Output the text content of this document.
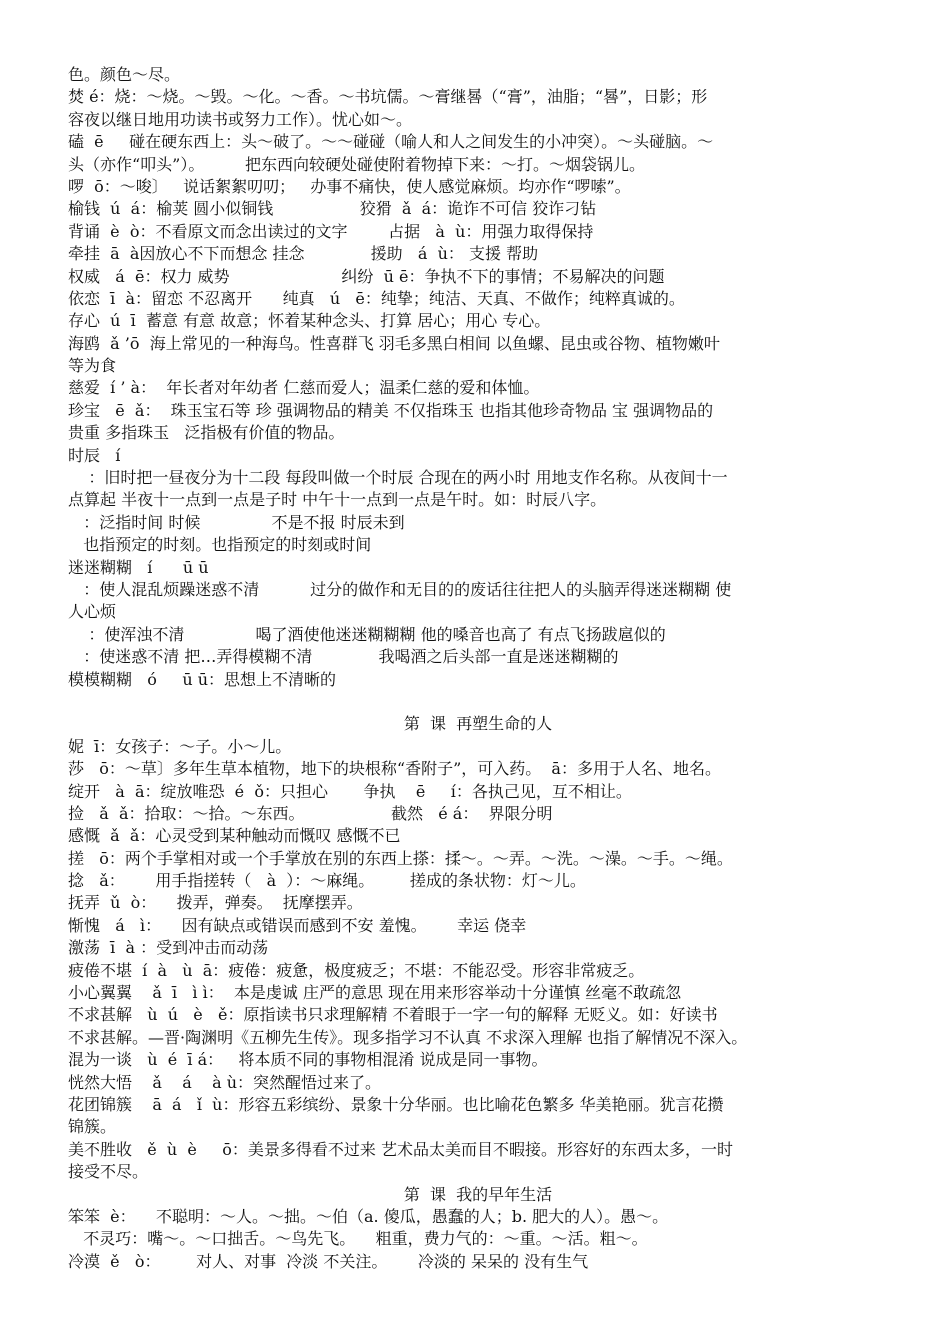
色。颜色～尽。
焚 é：烧：～烧。～毁。～化。～香。～书坑儒。～膏继晷（“膏”，油脂；“晷”，日影；形
容夜以继日地用功读书或努力工作）。忧心如～。
磕  ē     碰在硬东西上：头～破了。～～碰碰（喻人和人之间发生的小冲突）。～头碰脑。～
头（亦作“叩头”）。        把东西向较硬处碰使附着物掉下来：～打。～烟袋锅儿。
啰  ō：～唆〕   说话絮絮叨叨；   办事不痛快，使人感觉麻烦。均亦作“啰嗦”。
榆钱  ú  á：榆荚 圆小似铜钱                 狡猾  ǎ  á：诡诈不可信 狡诈刁钻
背诵  è  ò：不看原文而念出读过的文字        占据   à  ù：用强力取得保持
牵挂  ā  à因放心不下而想念 挂念             援助   á  ù： 支援 帮助
权威   á  ē：权力 威势                      纠纷  ū ē：争执不下的事情；不易解决的问题
依恋  ī  à：留恋 不忍离开      纯真   ú   ē：纯挚；纯洁、天真、不做作；纯粹真诚的。
存心  ú  ī  蓄意 有意 故意；怀着某种念头、打算 居心；用心 专心。
海鸥  ǎ ’ō  海上常见的一种海鸟。性喜群飞 羽毛多黑白相间 以鱼螺、昆虫或谷物、植物嫩叶
等为食
慈爱  í ’ à：  年长者对年幼者 仁慈而爱人；温柔仁慈的爱和体恤。
珍宝   ē  ǎ：  珠玉宝石等 珍 强调物品的精美 不仅指珠玉 也指其他珍奇物品 宝 强调物品的
贵重 多指珠玉   泛指极有价值的物品。
时辰   í
：旧时把一昼夜分为十二段 每段叫做一个时辰 合现在的两小时 用地支作名称。从夜间十一
点算起 半夜十一点到一点是子时 中午十一点到一点是午时。如：时辰八字。
：泛指时间 时候              不是不报 时辰未到
也指预定的时刻。也指预定的时刻或时间
迷迷糊糊   í      ū ū
：使人混乱烦躁迷惑不清          过分的做作和无目的的废话往往把人的头脑弄得迷迷糊糊 使
人心烦
：使浑浊不清              喝了酒使他迷迷糊糊糊 他的嗓音也高了 有点飞扬跋扈似的
：使迷惑不清 把…弄得模糊不清             我喝酒之后头部一直是迷迷糊糊的
模模糊糊   ó     ū ū：思想上不清晰的
第  课  再塑生命的人
妮  ī：女孩子：～子。小～儿。
莎   ō：～草〕多年生草本植物，地下的块根称“香附子”，可入药。  ā：多用于人名、地名。
绽开   à  ā：绽放唯恐  é  ǒ：只担心       争执    ē     í：各执己见，互不相让。
捡   ǎ  ǎ：拾取：～拾。～东西。                 截然   é á：  界限分明
感慨  ǎ  ǎ：心灵受到某种触动而慨叹 感慨不已
搓   ō：两个手掌相对或一个手掌放在别的东西上搽：揉～。～弄。～洗。～澡。～手。～绳。
捻   ǎ：      用手指搓转（   à  ）：～麻绳。       搓成的条状物：灯～儿。
抚弄  ǔ  ò：    拨弄，弹奏。  抚摩摆弄。
惭愧   á   ì：    因有缺点或错误而感到不安 羞愧。      幸运 侥幸
激荡  ī  à ：受到冲击而动荡
疲倦不堪  í  à   ù  ā：疲倦：疲惫，极度疲乏；不堪：不能忍受。形容非常疲乏。
小心翼翼    ǎ  ī   ì ì：  本是虔诚 庄严的意思 现在用来形容举动十分谨慎 丝毫不敢疏忽
不求甚解   ù  ú   è   ě：原指读书只求理解精 不着眼于一字一句的解释 无贬义。如：好读书
不求甚解。—晋·陶渊明《五柳先生传》。现多指学习不认真 不求深入理解 也指了解情况不深入。
混为一谈   ù  é  ī á：   将本质不同的事物相混淆 说成是同一事物。
恍然大悟    ǎ    á    à ù：突然醒悟过来了。
花团锦簇    ā  á   ǐ  ù：形容五彩缤纷、景象十分华丽。也比喻花色繁多 华美艳丽。犹言花攒
锦簇。
美不胜收   ě  ù  è     ō：美景多得看不过来 艺术品太美而目不暇接。形容好的东西太多，一时
接受不尽。
第  课  我的早年生活
笨笨  è：    不聪明：～人。～拙。～伯（a. 傻瓜，愚蠢的人；b. 肥大的人）。愚～。
不灵巧：嘴～。～口拙舌。～鸟先飞。    粗重，费力气的：～重。～活。粗～。
冷漠  ě   ò：       对人、对事  冷淡 不关注。      冷淡的 呆呆的 没有生气
